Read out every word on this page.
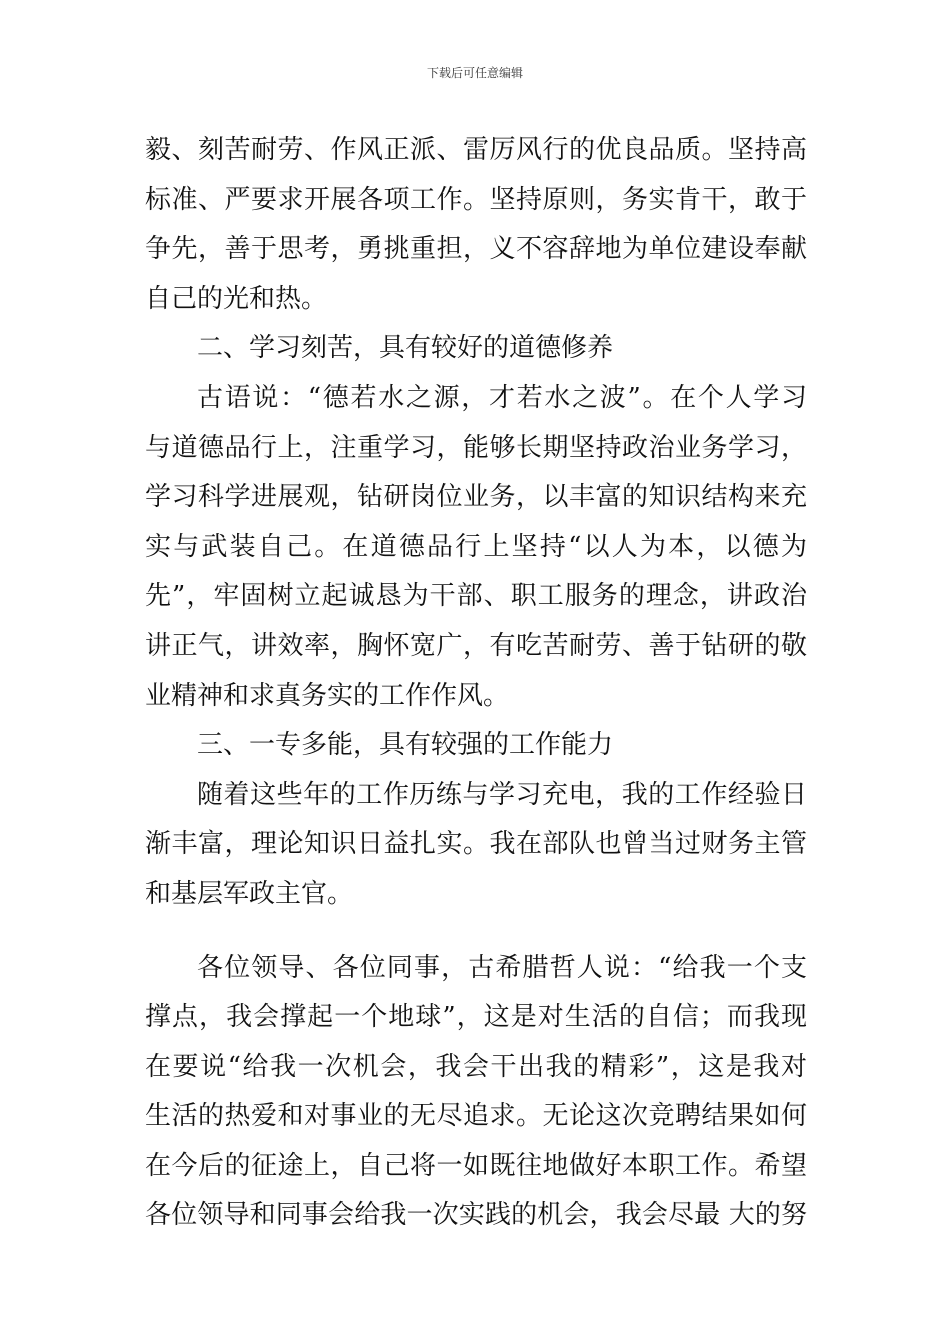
下载后可任意编辑
毅、刻苦耐劳、作风正派、雷厉风行的优良品质。坚持高
标准、严要求开展各项工作。坚持原则，务实肯干，敢于
争先，善于思考，勇挑重担，义不容辞地为单位建设奉献
自己的光和热。
二、学习刻苦，具有较好的道德修养
古语说：“德若水之源，才若水之波”。在个人学习
与道德品行上，注重学习，能够长期坚持政治业务学习，
学习科学进展观，钻研岗位业务，以丰富的知识结构来充
实与武装自己。在道德品行上坚持“以人为本，以德为
先”，牢固树立起诚恳为干部、职工服务的理念，讲政治
讲正气，讲效率，胸怀宽广，有吃苦耐劳、善于钻研的敬
业精神和求真务实的工作作风。
三、一专多能，具有较强的工作能力
随着这些年的工作历练与学习充电，我的工作经验日
渐丰富，理论知识日益扎实。我在部队也曾当过财务主管
和基层军政主官。
各位领导、各位同事，古希腊哲人说：“给我一个支
撑点，我会撑起一个地球”，这是对生活的自信；而我现
在要说“给我一次机会，我会干出我的精彩”，这是我对
生活的热爱和对事业的无尽追求。无论这次竞聘结果如何
在今后的征途上，自己将一如既往地做好本职工作。希望
各位领导和同事会给我一次实践的机会，我会尽最 大的努
